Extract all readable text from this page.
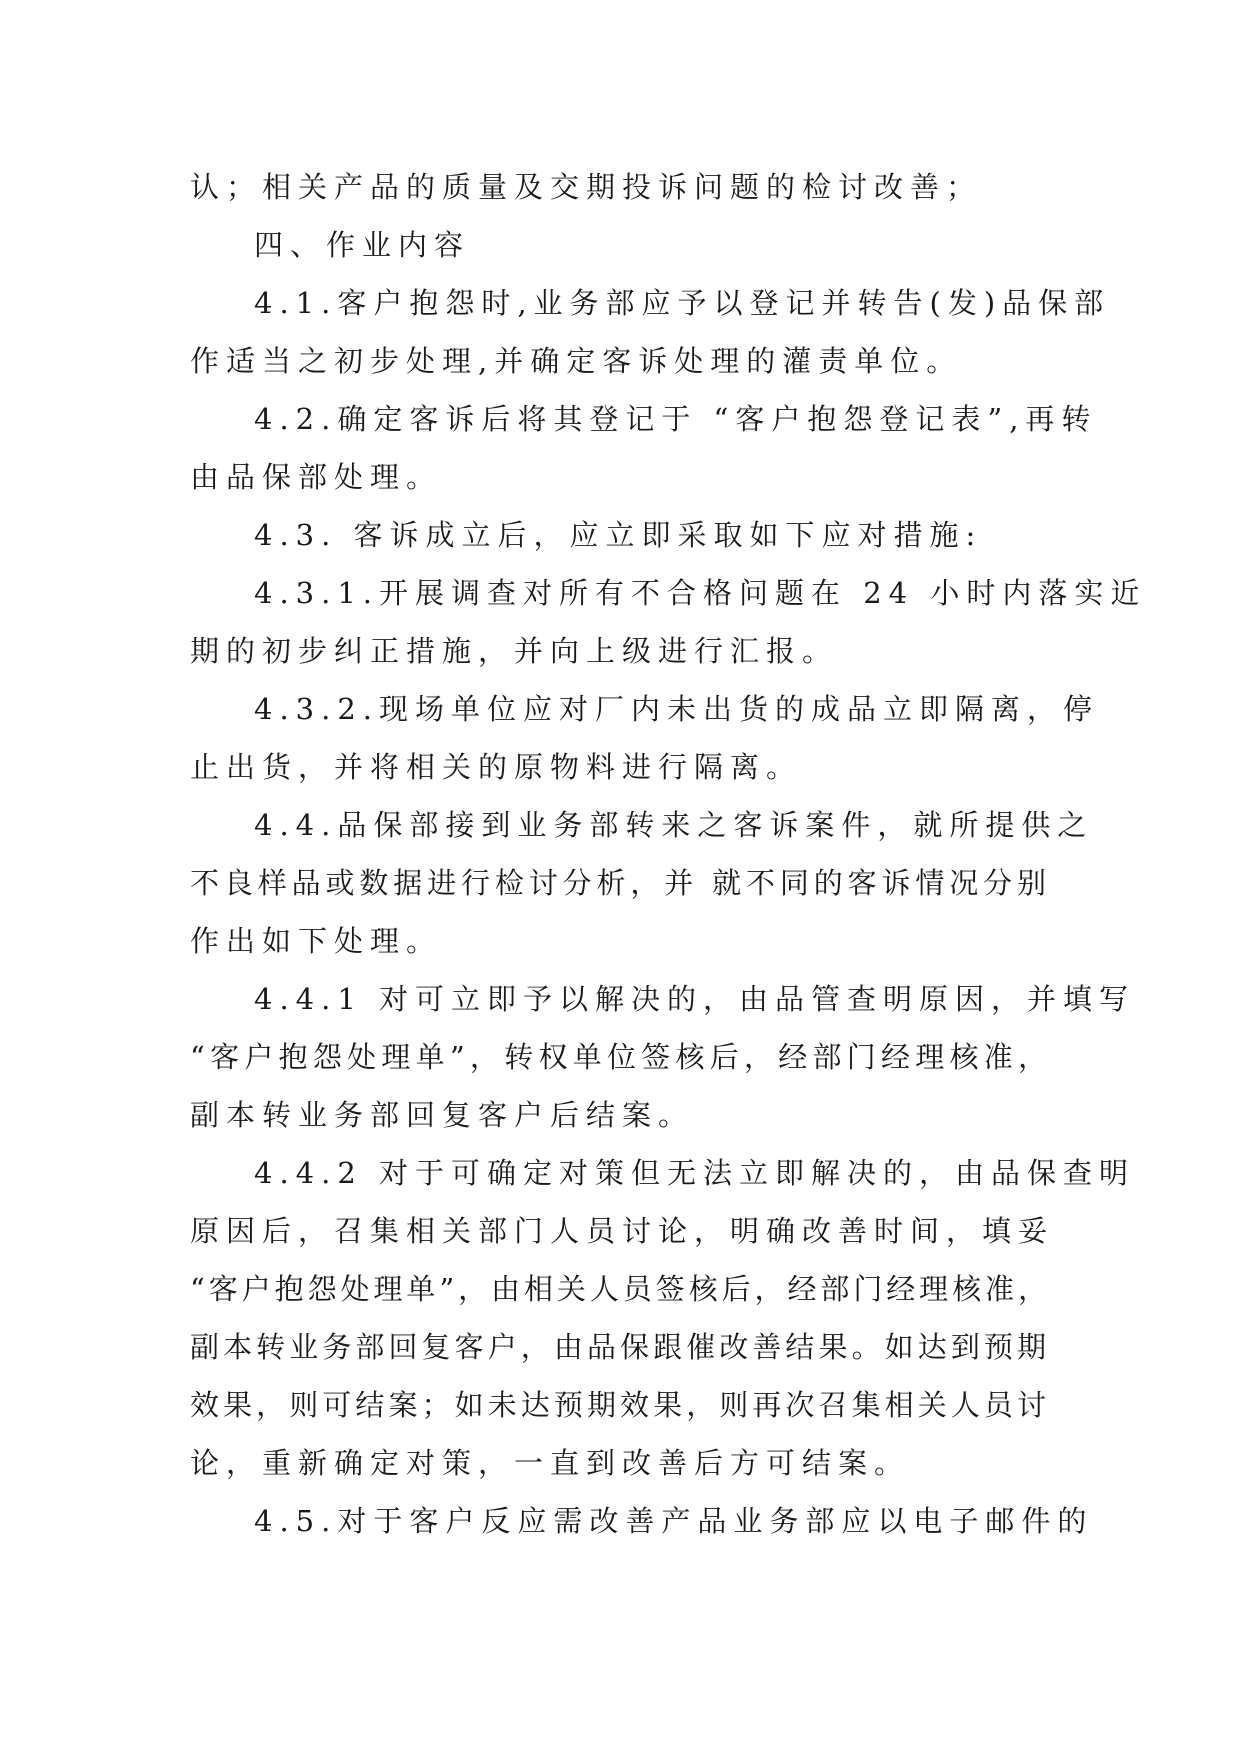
认；相关产品的质量及交期投诉问题的检讨改善；
四、作业内容
4.1.客户抱怨时,业务部应予以登记并转告(发)品保部
作适当之初步处理,并确定客诉处理的灌责单位。
4.2.确定客诉后将其登记于 “客户抱怨登记表”,再转
由品保部处理。
4.3. 客诉成立后，应立即采取如下应对措施:
4.3.1.开展调查对所有不合格问题在 24 小时内落实近
期的初步纠正措施，并向上级进行汇报。
4.3.2.现场单位应对厂内未出货的成品立即隔离，停
止出货，并将相关的原物料进行隔离。
4.4.品保部接到业务部转来之客诉案件，就所提供之
不良样品或数据进行检讨分析，并 就不同的客诉情况分别
作出如下处理。
4.4.1 对可立即予以解决的，由品管查明原因，并填写
“客户抱怨处理单”，转权单位签核后，经部门经理核准，
副本转业务部回复客户后结案。
4.4.2 对于可确定对策但无法立即解决的，由品保查明
原因后，召集相关部门人员讨论，明确改善时间，填妥
“客户抱怨处理单”，由相关人员签核后，经部门经理核准，
副本转业务部回复客户，由品保跟催改善结果。如达到预期
效果，则可结案；如未达预期效果，则再次召集相关人员讨
论，重新确定对策，一直到改善后方可结案。
4.5.对于客户反应需改善产品业务部应以电子邮件的
